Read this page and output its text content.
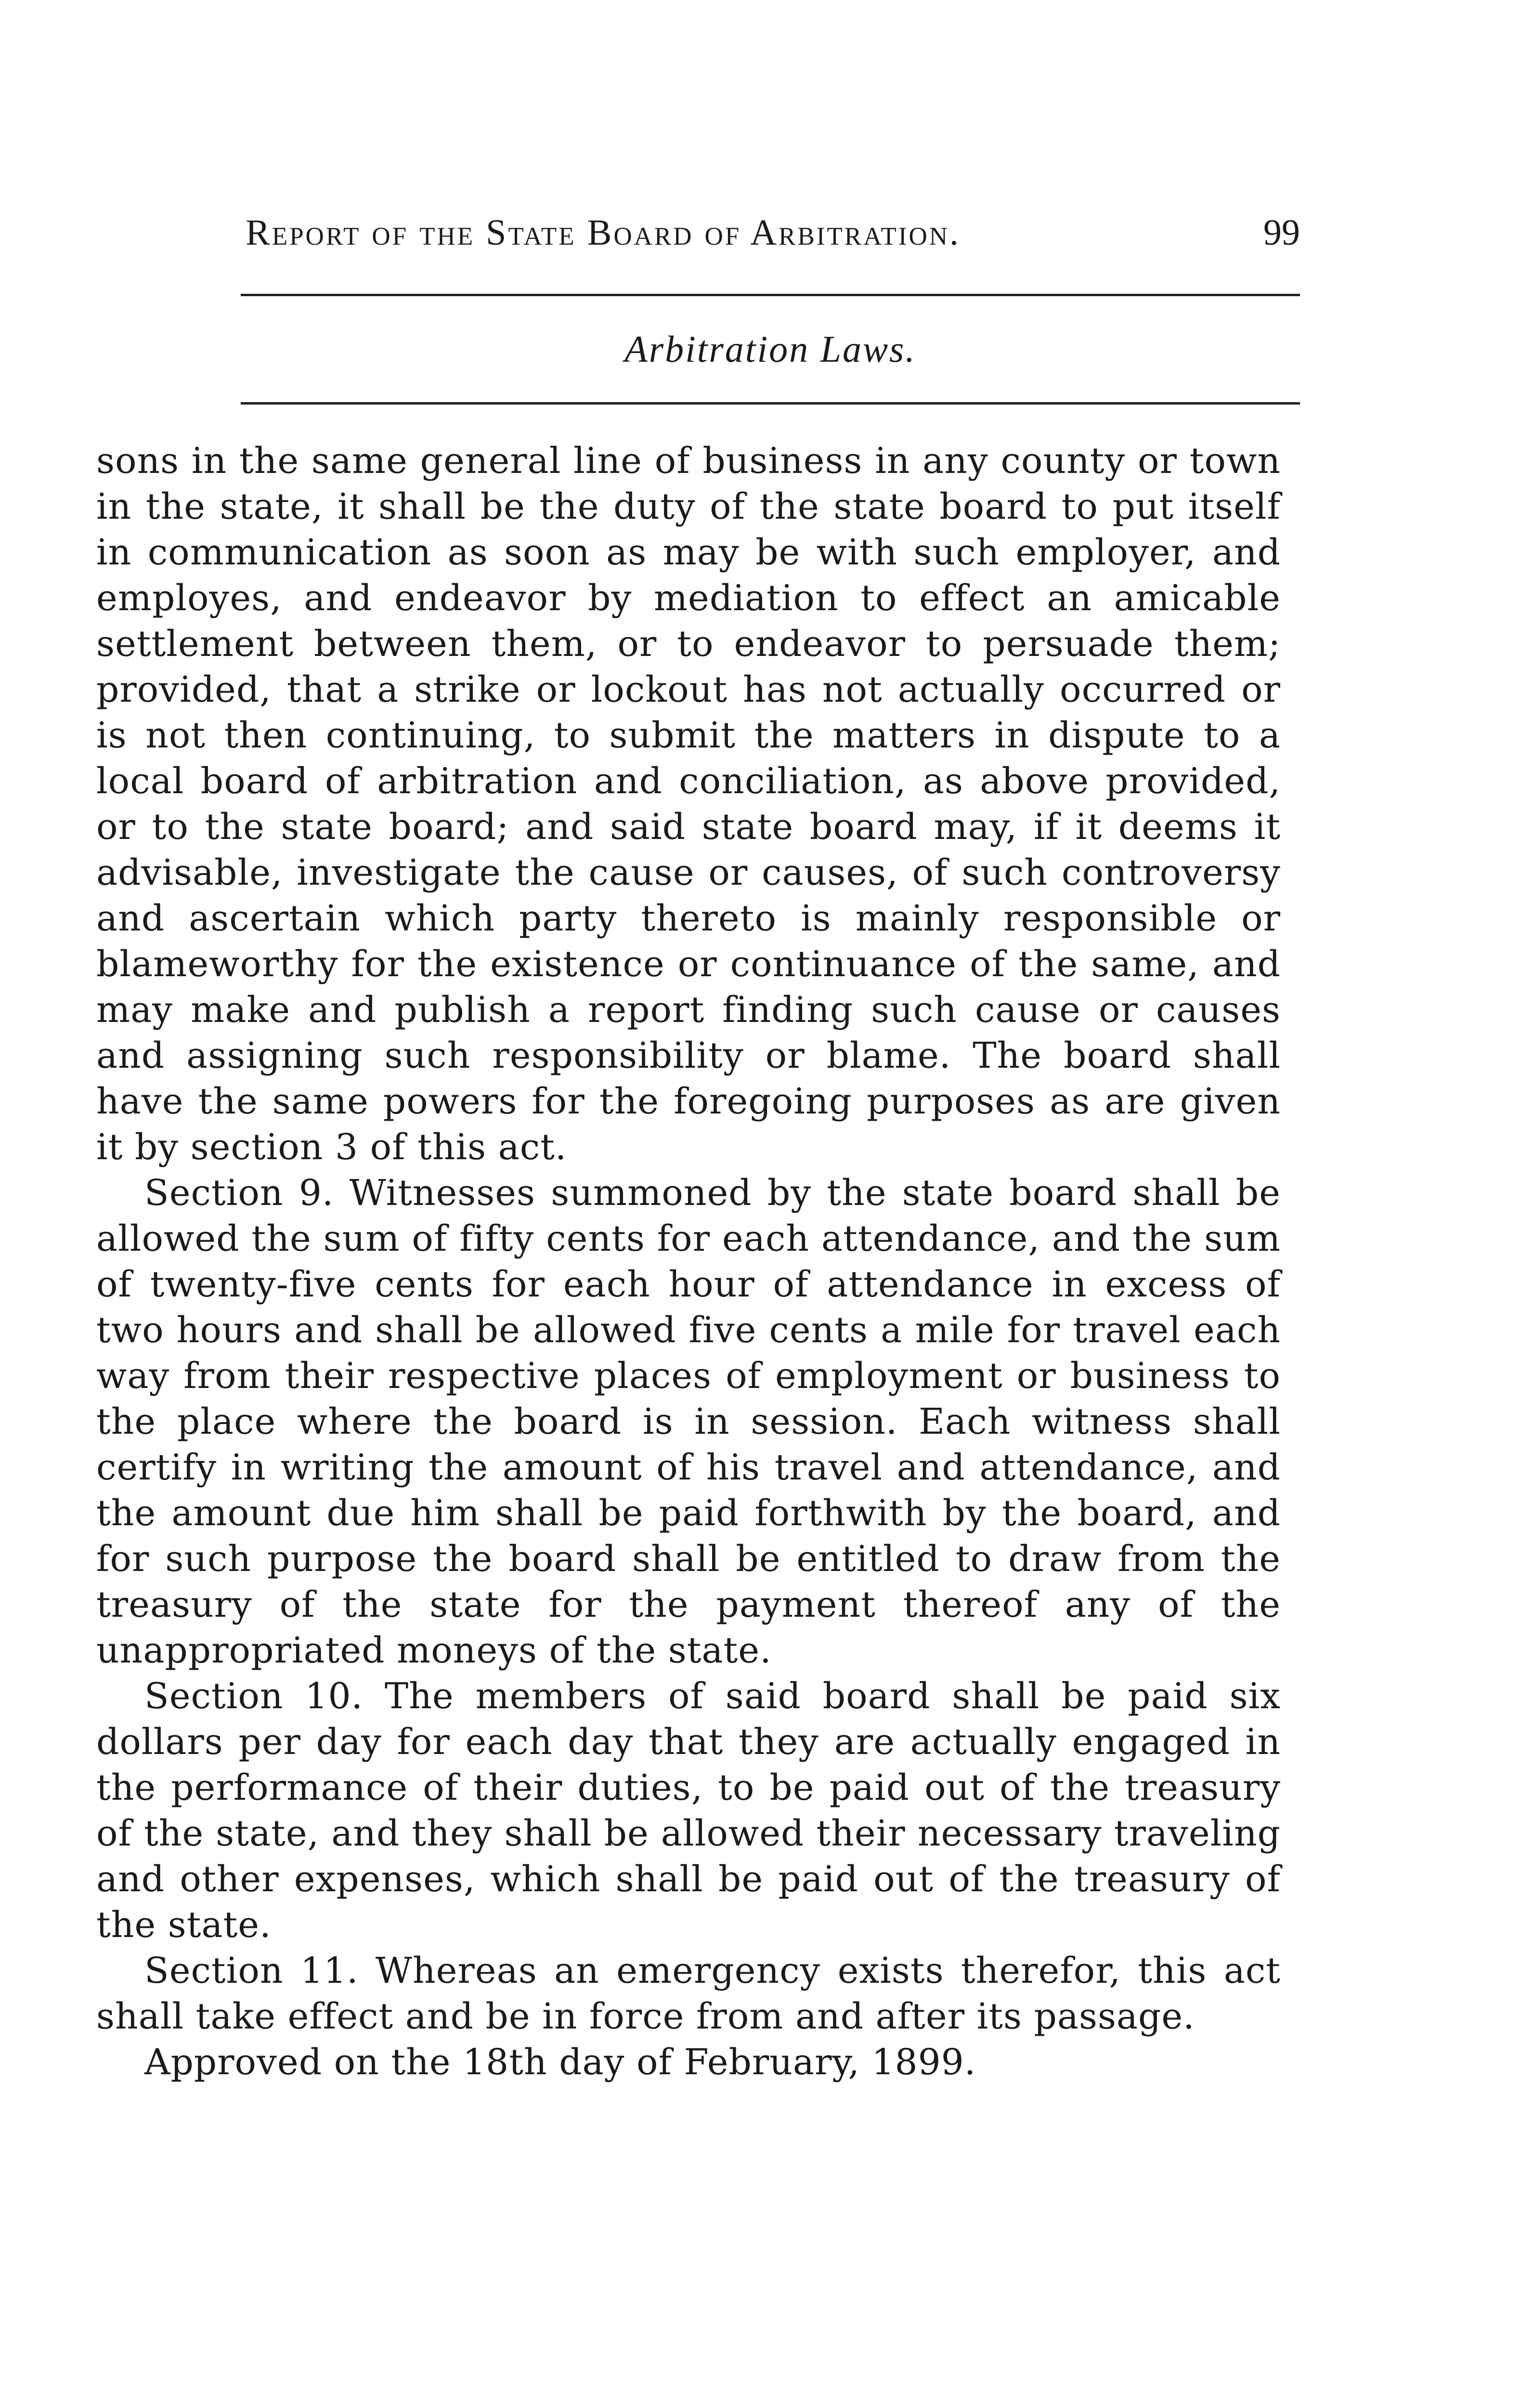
Report of the State Board of Arbitration.	99
Arbitration Laws.

sons in the same general line of business in any county or town in the state, it shall be the duty of the state board to put itself in communication as soon as may be with such employer, and employes, and endeavor by mediation to effect an amicable settlement between them, or to endeavor to persuade them; provided, that a strike or lockout has not actually occurred or is not then continuing, to submit the matters in dispute to a local board of arbitration and conciliation, as above provided, or to the state board; and said state board may, if it deems it advisable, investigate the cause or causes, of such controversy and ascertain which party thereto is mainly responsible or blameworthy for the existence or continuance of the same, and may make and publish a report finding such cause or causes and assigning such responsibility or blame. The board shall have the same powers for the foregoing purposes as are given it by section 3 of this act.

Section 9. Witnesses summoned by the state board shall be allowed the sum of fifty cents for each attendance, and the sum of twenty-five cents for each hour of attendance in excess of two hours and shall be allowed five cents a mile for travel each way from their respective places of employment or business to the place where the board is in session. Each witness shall certify in writing the amount of his travel and attendance, and the amount due him shall be paid forthwith by the board, and for such purpose the board shall be entitled to draw from the treasury of the state for the payment thereof any of the unappropriated moneys of the state.

Section 10. The members of said board shall be paid six dollars per day for each day that they are actually engaged in the performance of their duties, to be paid out of the treasury of the state, and they shall be allowed their necessary traveling and other expenses, which shall be paid out of the treasury of the state.

Section 11. Whereas an emergency exists therefor, this act shall take effect and be in force from and after its passage.

Approved on the 18th day of February, 1899.
